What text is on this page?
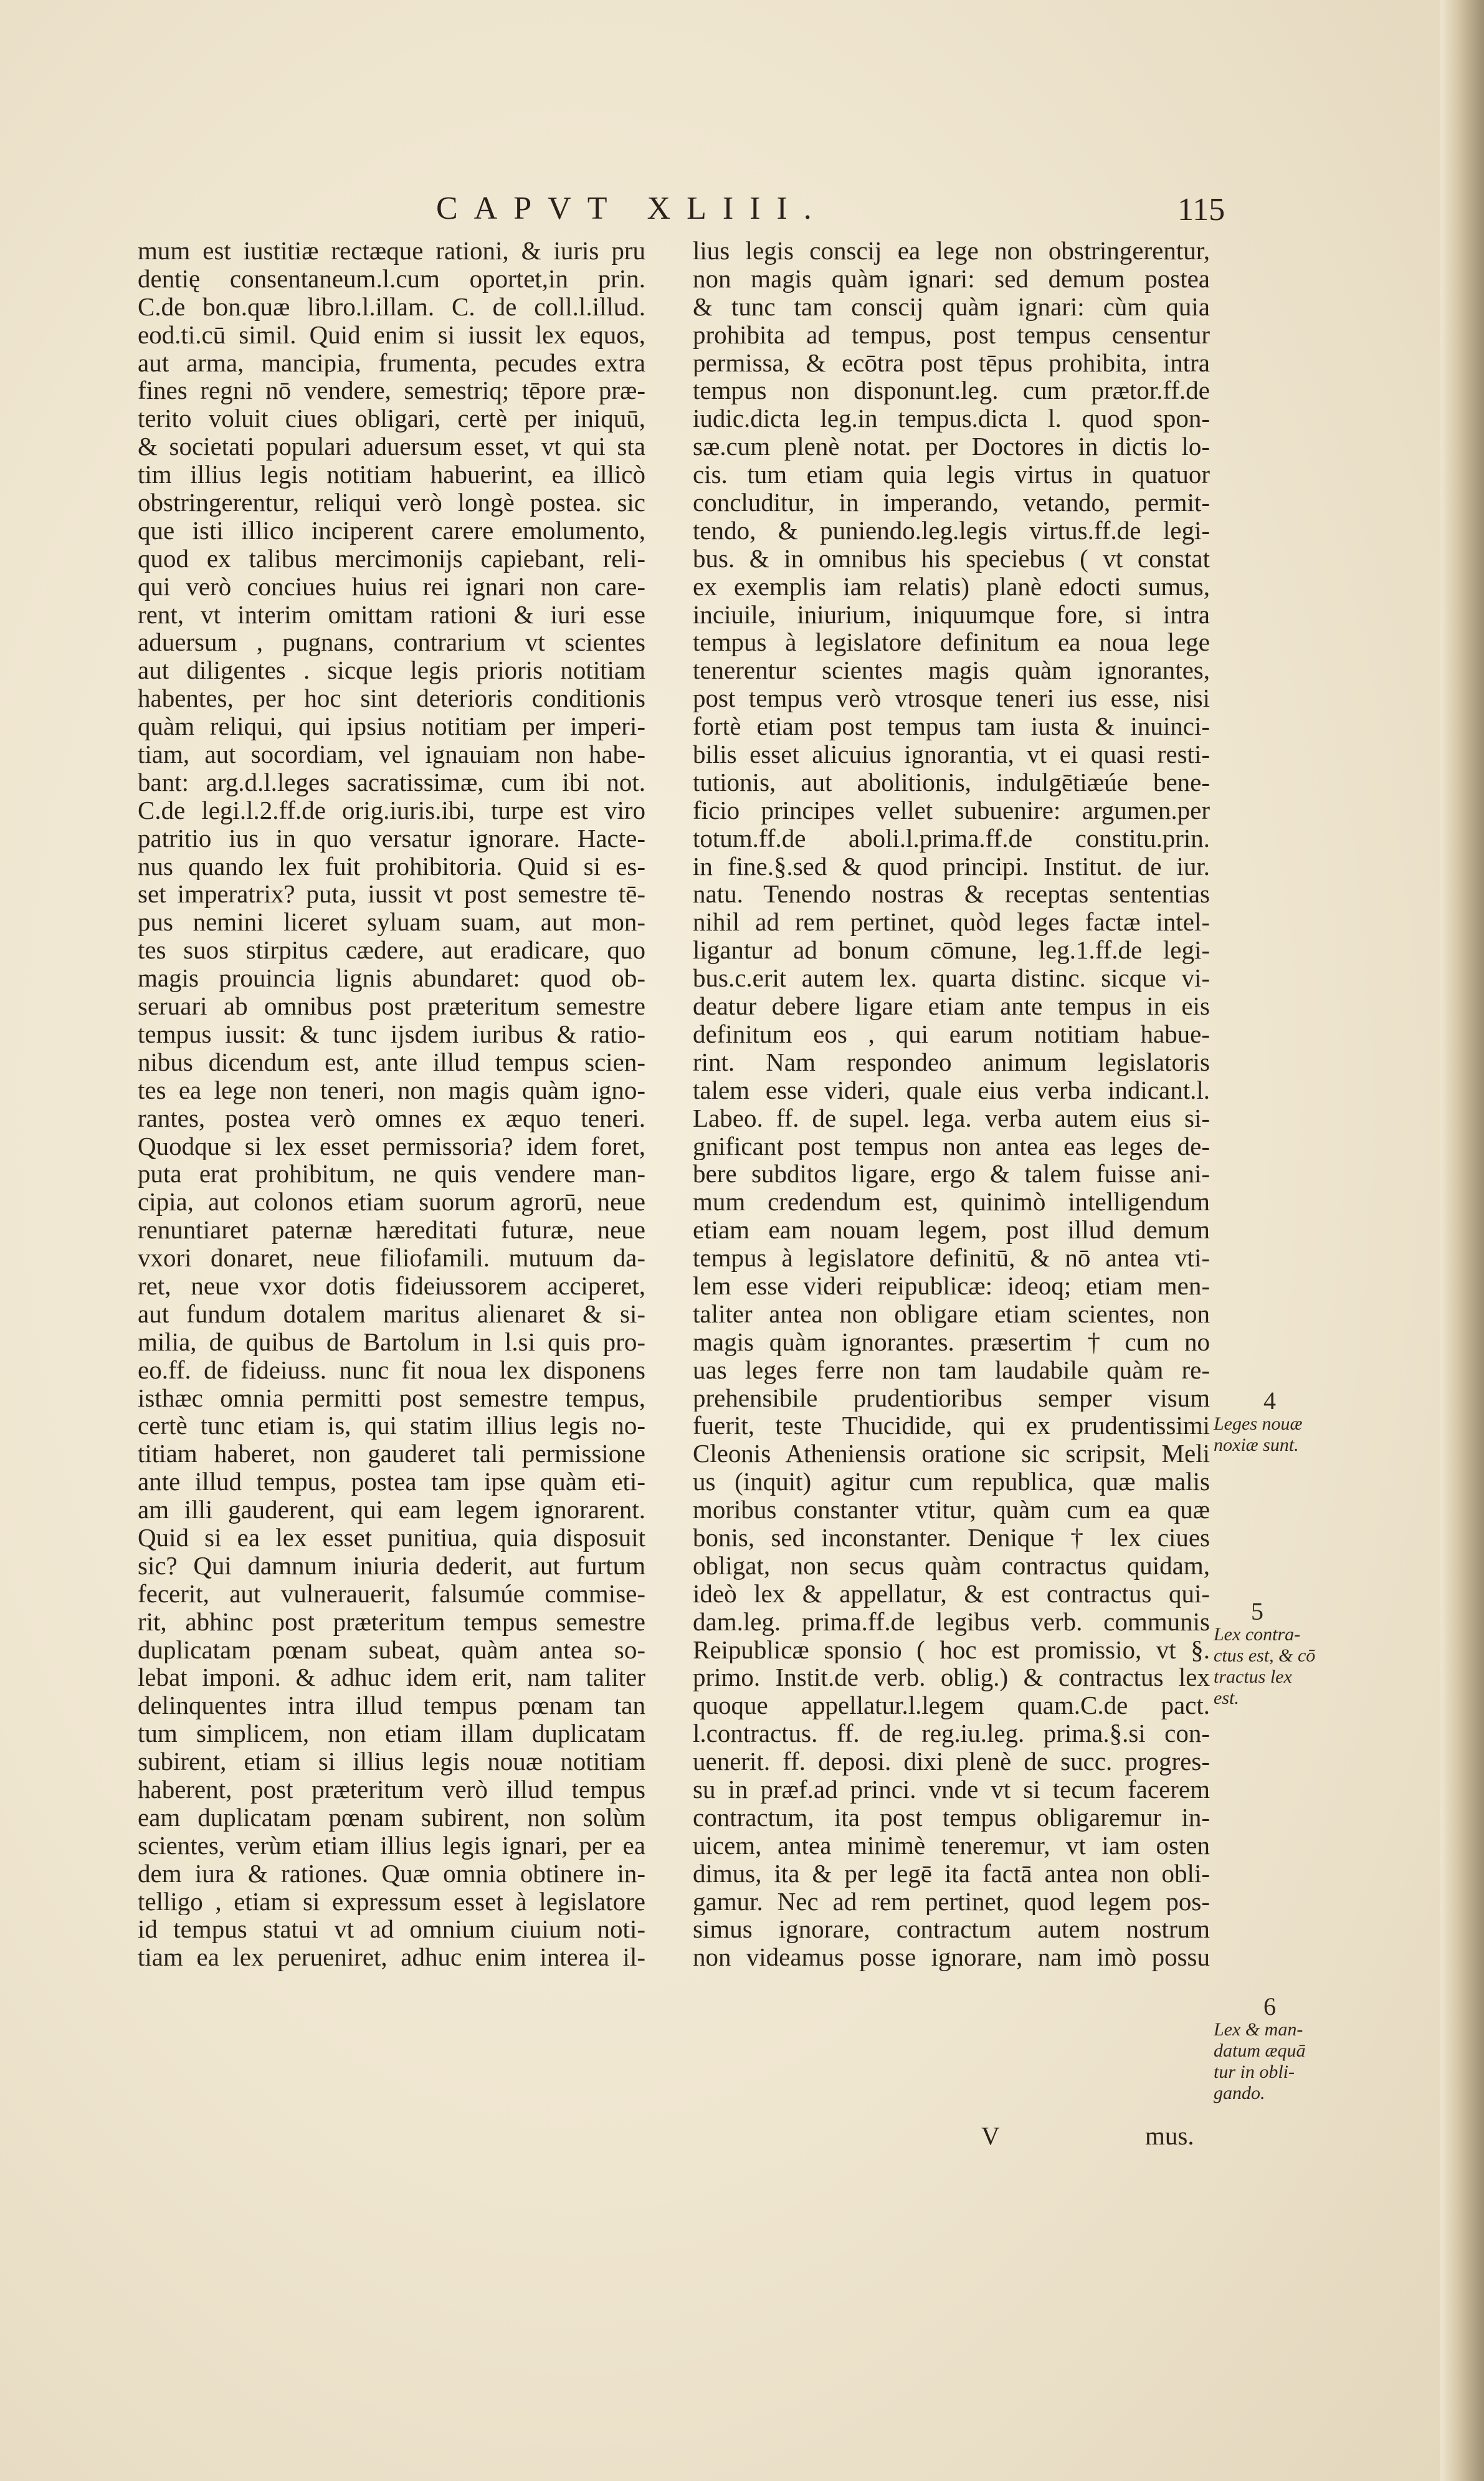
CAPVT XLIII.	115
mum est iustitiæ rectæque rationi, & iuris pru
dentię consentaneum.l.cum oportet,in prin.
C.de bon.quæ libro.l.illam. C. de coll.l.illud.
eod.ti.cū simil. Quid enim si iussit lex equos,
aut arma, mancipia, frumenta, pecudes extra
fines regni nō vendere, semestriq; tēpore præ-
terito voluit ciues obligari, certè per iniquū,
& societati populari aduersum esset, vt qui sta
tim illius legis notitiam habuerint, ea illicò
obstringerentur, reliqui verò longè postea. sic
que isti illico inciperent carere emolumento,
quod ex talibus mercimonijs capiebant, reli-
qui verò conciues huius rei ignari non care-
rent, vt interim omittam rationi & iuri esse
aduersum , pugnans, contrarium vt scientes
aut diligentes . sicque legis prioris notitiam
habentes, per hoc sint deterioris conditionis
quàm reliqui, qui ipsius notitiam per imperi-
tiam, aut socordiam, vel ignauiam non habe-
bant: arg.d.l.leges sacratissimæ, cum ibi not.
C.de legi.l.2.ff.de orig.iuris.ibi, turpe est viro
patritio ius in quo versatur ignorare. Hacte-
nus quando lex fuit prohibitoria. Quid si es-
set imperatrix? puta, iussit vt post semestre tē-
pus nemini liceret syluam suam, aut mon-
tes suos stirpitus cædere, aut eradicare, quo
magis prouincia lignis abundaret: quod ob-
seruari ab omnibus post præteritum semestre
tempus iussit: & tunc ijsdem iuribus & ratio-
nibus dicendum est, ante illud tempus scien-
tes ea lege non teneri, non magis quàm igno-
rantes, postea verò omnes ex æquo teneri.
Quodque si lex esset permissoria? idem foret,
puta erat prohibitum, ne quis vendere man-
cipia, aut colonos etiam suorum agrorū, neue
renuntiaret paternæ hæreditati futuræ, neue
vxori donaret, neue filiofamili. mutuum da-
ret, neue vxor dotis fideiussorem acciperet,
aut fundum dotalem maritus alienaret & si-
milia, de quibus de Bartolum in l.si quis pro-
eo.ff. de fideiuss. nunc fit noua lex disponens
isthæc omnia permitti post semestre tempus,
certè tunc etiam is, qui statim illius legis no-
titiam haberet, non gauderet tali permissione
ante illud tempus, postea tam ipse quàm eti-
am illi gauderent, qui eam legem ignorarent.
Quid si ea lex esset punitiua, quia disposuit
sic? Qui damnum iniuria dederit, aut furtum
fecerit, aut vulnerauerit, falsumúe commise-
rit, abhinc post præteritum tempus semestre
duplicatam pœnam subeat, quàm antea so-
lebat imponi. & adhuc idem erit, nam taliter
delinquentes intra illud tempus pœnam tan
tum simplicem, non etiam illam duplicatam
subirent, etiam si illius legis nouæ notitiam
haberent, post præteritum verò illud tempus
eam duplicatam pœnam subirent, non solùm
scientes, verùm etiam illius legis ignari, per ea
dem iura & rationes. Quæ omnia obtinere in-
telligo , etiam si expressum esset à legislatore
id tempus statui vt ad omnium ciuium noti-
tiam ea lex perueniret, adhuc enim interea il-
lius legis conscij ea lege non obstringerentur,
non magis quàm ignari: sed demum postea
& tunc tam conscij quàm ignari: cùm quia
prohibita ad tempus, post tempus censentur
permissa, & ecōtra post tēpus prohibita, intra
tempus non disponunt.leg. cum prætor.ff.de
iudic.dicta leg.in tempus.dicta l. quod spon-
sæ.cum plenè notat. per Doctores in dictis lo-
cis. tum etiam quia legis virtus in quatuor
concluditur, in imperando, vetando, permit-
tendo, & puniendo.leg.legis virtus.ff.de legi-
bus. & in omnibus his speciebus ( vt constat
ex exemplis iam relatis) planè edocti sumus,
inciuile, iniurium, iniquumque fore, si intra
tempus à legislatore definitum ea noua lege
tenerentur scientes magis quàm ignorantes,
post tempus verò vtrosque teneri ius esse, nisi
fortè etiam post tempus tam iusta & inuinci-
bilis esset alicuius ignorantia, vt ei quasi resti-
tutionis, aut abolitionis, indulgētiæúe bene-
ficio principes vellet subuenire: argumen.per
totum.ff.de aboli.l.prima.ff.de constitu.prin.
in fine.§.sed & quod principi. Institut. de iur.
natu. Tenendo nostras & receptas sententias
nihil ad rem pertinet, quòd leges factæ intel-
ligantur ad bonum cōmune, leg.1.ff.de legi-
bus.c.erit autem lex. quarta distinc. sicque vi-
deatur debere ligare etiam ante tempus in eis
definitum eos , qui earum notitiam habue-
rint. Nam respondeo animum legislatoris
talem esse videri, quale eius verba indicant.l.
Labeo. ff. de supel. lega. verba autem eius si-
gnificant post tempus non antea eas leges de-
bere subditos ligare, ergo & talem fuisse ani-
mum credendum est, quinimò intelligendum
etiam eam nouam legem, post illud demum
tempus à legislatore definitū, & nō antea vti-
lem esse videri reipublicæ: ideoq; etiam men-
taliter antea non obligare etiam scientes, non
magis quàm ignorantes. præsertim † cum no
uas leges ferre non tam laudabile quàm re-
prehensibile prudentioribus semper visum
fuerit, teste Thucidide, qui ex prudentissimi
Cleonis Atheniensis oratione sic scripsit, Meli
us (inquit) agitur cum republica, quæ malis
moribus constanter vtitur, quàm cum ea quæ
bonis, sed inconstanter. Denique † lex ciues
obligat, non secus quàm contractus quidam,
ideò lex & appellatur, & est contractus qui-
dam.leg. prima.ff.de legibus verb. communis
Reipublicæ sponsio ( hoc est promissio, vt §.
primo. Instit.de verb. oblig.) & contractus lex
quoque appellatur.l.legem quam.C.de pact.
l.contractus. ff. de reg.iu.leg. prima.§.si con-
uenerit. ff. deposi. dixi plenè de succ. progres-
su in præf.ad princi. vnde vt si tecum facerem
contractum, ita post tempus obligaremur in-
uicem, antea minimè teneremur, vt iam osten
dimus, ita & per legē ita factā antea non obli-
gamur. Nec ad rem pertinet, quod legem pos-
simus ignorare, contractum autem nostrum
non videamus posse ignorare, nam imò possu
4
Leges nouæ
noxiæ sunt.
5
Lex contra-
ctus est, & cō
tractus lex
est.
6
Lex & man-
datum æquā
tur in obli-
gando.
V	mus.
